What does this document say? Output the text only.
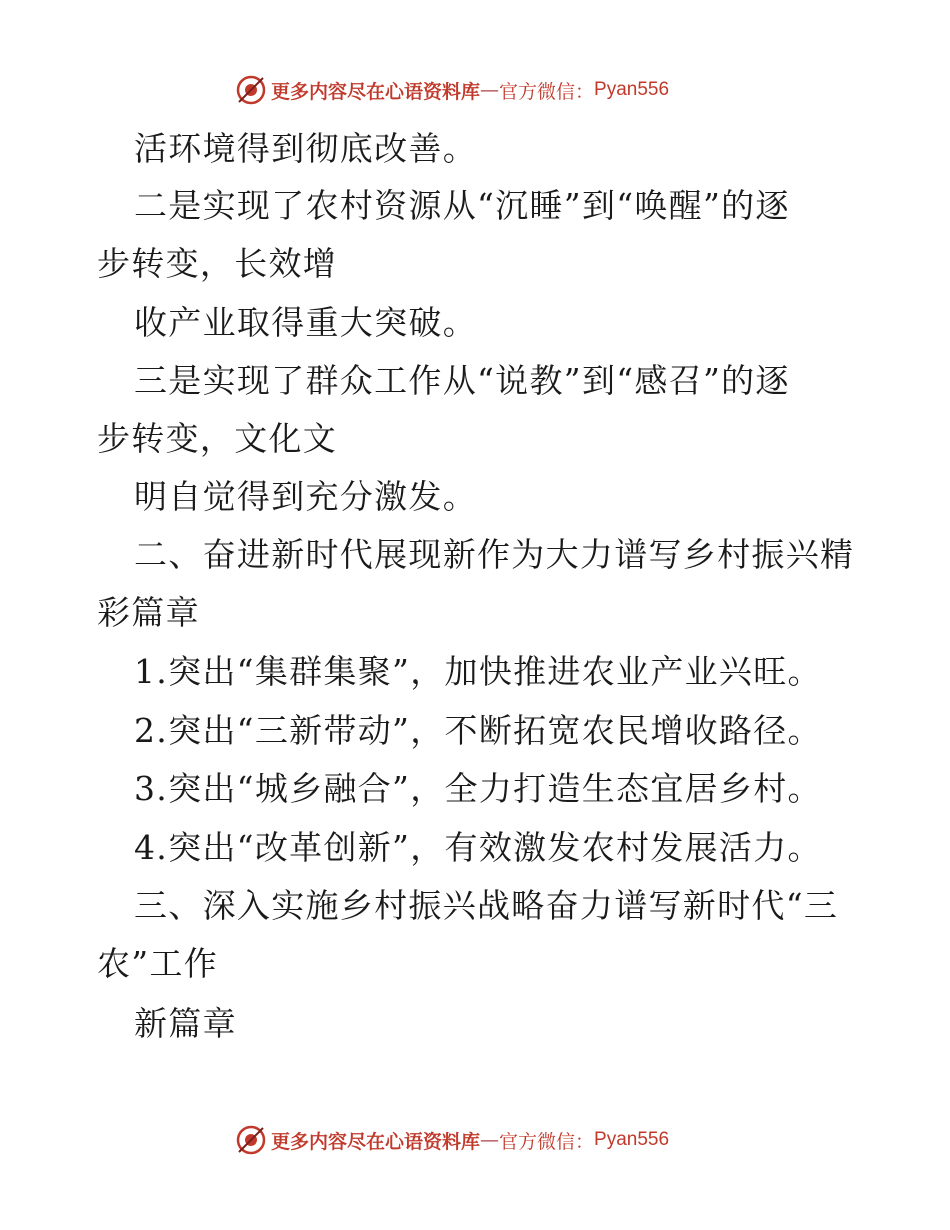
更多内容尽在心语资料库 — 官方微信： Pyan556
活环境得到彻底改善。
二是实现了农村资源从“沉睡”到“唤醒”的逐
步转变，长效增
收产业取得重大突破。
三是实现了群众工作从“说教”到“感召”的逐
步转变，文化文
明自觉得到充分激发。
二、奋进新时代展现新作为大力谱写乡村振兴精
彩篇章
1.突出“集群集聚”，加快推进农业产业兴旺。
2.突出“三新带动”，不断拓宽农民增收路径。
3.突出“城乡融合”，全力打造生态宜居乡村。
4.突出“改革创新”，有效激发农村发展活力。
三、深入实施乡村振兴战略奋力谱写新时代“三
农”工作
新篇章
更多内容尽在心语资料库 — 官方微信： Pyan556
